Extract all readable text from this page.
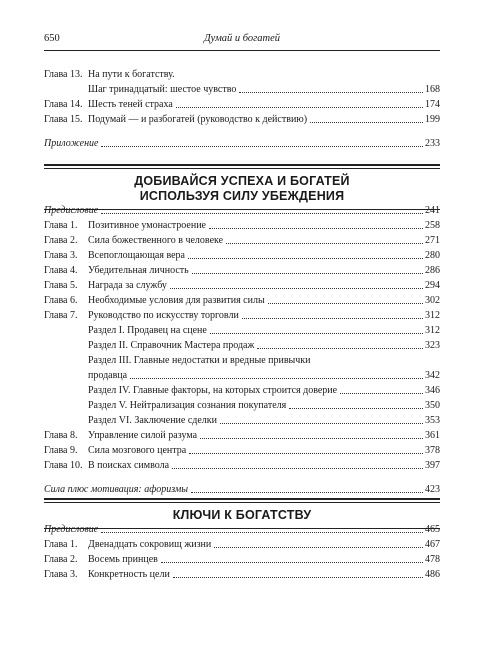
650	Думай и богатей
Глава 13. На пути к богатству.
Шаг тринадцатый: шестое чувство	168
Глава 14. Шесть теней страха	174
Глава 15. Подумай — и разбогатей (руководство к действию)	199
Приложение	233
ДОБИВАЙСЯ УСПЕХА И БОГАТЕЙ
ИСПОЛЬЗУЯ СИЛУ УБЕЖДЕНИЯ
Предисловие	241
Глава 1. Позитивное умонастроение	258
Глава 2. Сила божественного в человеке	271
Глава 3. Всепоглощающая вера	280
Глава 4. Убедительная личность	286
Глава 5. Награда за службу	294
Глава 6. Необходимые условия для развития силы	302
Глава 7. Руководство по искусству торговли	312
Раздел I. Продавец на сцене	312
Раздел II. Справочник Мастера продаж	323
Раздел III. Главные недостатки и вредные привычки
продавца	342
Раздел IV. Главные факторы, на которых строится доверие	346
Раздел V. Нейтрализация сознания покупателя	350
Раздел VI. Заключение сделки	353
Глава 8. Управление силой разума	361
Глава 9. Сила мозгового центра	378
Глава 10. В поисках символа	397
Сила плюс мотивация: афоризмы	423
КЛЮЧИ К БОГАТСТВУ
Предисловие	465
Глава 1. Двенадцать сокровищ жизни	467
Глава 2. Восемь принцев	478
Глава 3. Конкретность цели	486
